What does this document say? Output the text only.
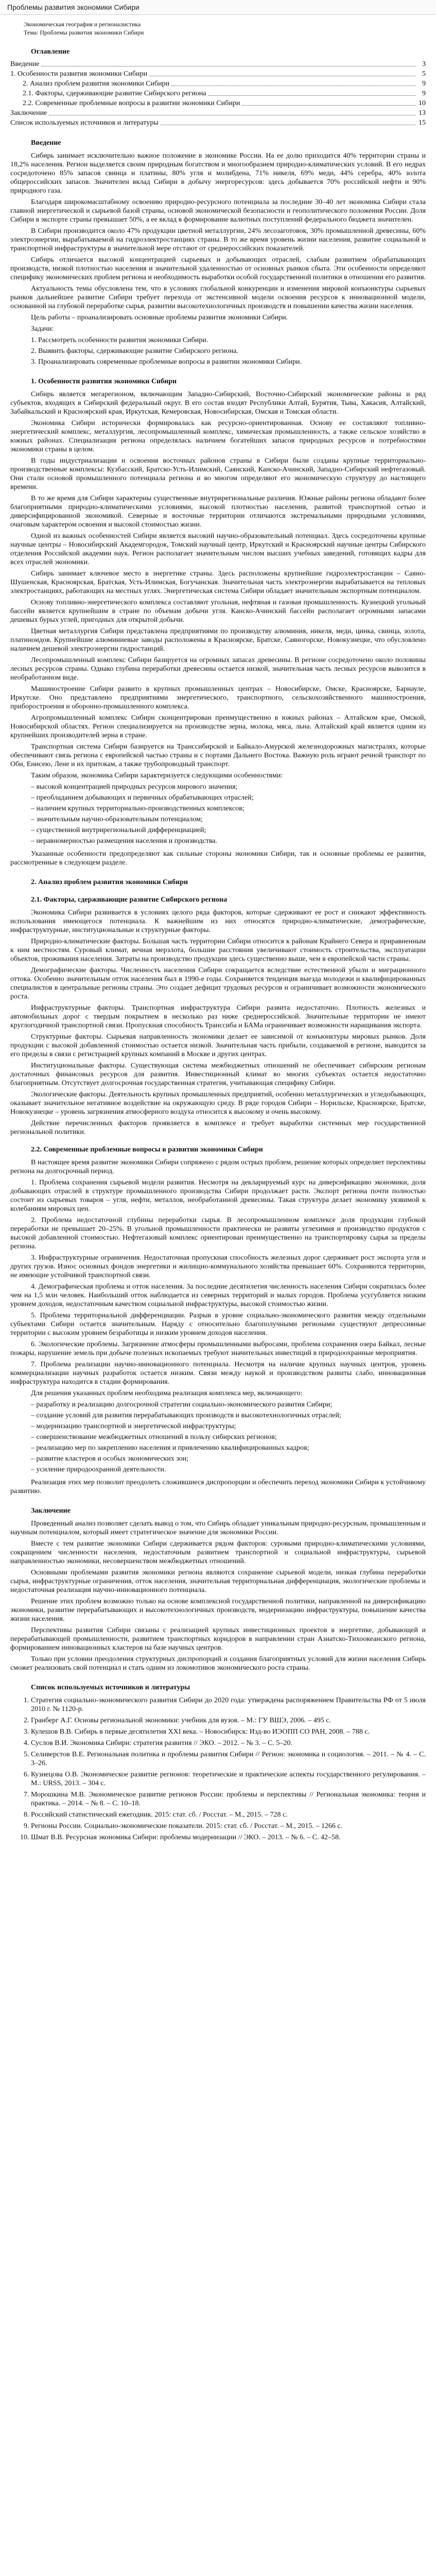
Проблемы развития экономики Сибири
Экономическая география и регионалистика
Тема: Проблемы развития экономики Сибири
Оглавление
Введение	3
1. Особенности развития экономики Сибири	5
2. Анализ проблем развития экономики Сибири	9
2.1. Факторы, сдерживающие развитие Сибирского региона	9
2.2. Современные проблемные вопросы в развитии экономики Сибири	10
Заключение	13
Список используемых источников и литературы	15
Введение

Сибирь занимает исключительно важное положение в экономике России. На ее долю приходится 40% территории страны и 18,2% населения. Регион выделяется своим природным богатством и многообразием природно-климатических условий. В его недрах сосредоточено 85% запасов свинца и платины, 80% угля и молибдена, 71% никеля, 69% меди, 44% серебра, 40% золота общероссийских запасов. Значителен вклад Сибири в добычу энергоресурсов: здесь добывается 70% российской нефти и 90% природного газа.

Благодаря широкомасштабному освоению природно-ресурсного потенциала за последние 30–40 лет экономика Сибири стала главной энергетической и сырьевой базой страны, основой экономической безопасности и геополитического положения России. Доля Сибири в экспорте страны превышает 50%, а ее вклад в формирование валютных поступлений федерального бюджета значителен.

В Сибири производится около 47% продукции цветной металлургии, 24% лесозаготовок, 30% промышленной древесины, 60% электроэнергии, вырабатываемой на гидроэлектростанциях страны. В то же время уровень жизни населения, развитие социальной и транспортной инфраструктуры в значительной мере отстают от среднероссийских показателей.

Сибирь отличается высокой концентрацией сырьевых и добывающих отраслей, слабым развитием обрабатывающих производств, низкой плотностью населения и значительной удаленностью от основных рынков сбыта. Эти особенности определяют специфику экономических проблем региона и необходимость выработки особой государственной политики в отношении его развития.

Актуальность темы обусловлена тем, что в условиях глобальной конкуренции и изменения мировой конъюнктуры сырьевых рынков дальнейшее развитие Сибири требует перехода от экстенсивной модели освоения ресурсов к инновационной модели, основанной на глубокой переработке сырья, развитии высокотехнологичных производств и повышении качества жизни населения.

Цель работы – проанализировать основные проблемы развития экономики Сибири.

Задачи:

1. Рассмотреть особенности развития экономики Сибири.
2. Выявить факторы, сдерживающие развитие Сибирского региона.
3. Проанализировать современные проблемные вопросы в развитии экономики Сибири.
1. Особенности развития экономики Сибири

Сибирь является мегарегионом, включающим Западно-Сибирский, Восточно-Сибирский экономические районы и ряд субъектов, входящих в Сибирский федеральный округ. В его состав входят Республики Алтай, Бурятия, Тыва, Хакасия, Алтайский, Забайкальский и Красноярский края, Иркутская, Кемеровская, Новосибирская, Омская и Томская области.

Экономика Сибири исторически формировалась как ресурсно-ориентированная. Основу ее составляют топливно-энергетический комплекс, металлургия, лесопромышленный комплекс, химическая промышленность, а также сельское хозяйство в южных районах. Специализация региона определялась наличием богатейших запасов природных ресурсов и потребностями экономики страны в целом.

В годы индустриализации и освоения восточных районов страны в Сибири были созданы крупные территориально-производственные комплексы: Кузбасский, Братско-Усть-Илимский, Саянский, Канско-Ачинский, Западно-Сибирский нефтегазовый. Они стали основой промышленного потенциала региона и во многом определяют его экономическую структуру до настоящего времени.

В то же время для Сибири характерны существенные внутрирегиональные различия. Южные районы региона обладают более благоприятными природно-климатическими условиями, высокой плотностью населения, развитой транспортной сетью и диверсифицированной экономикой. Северные и восточные территории отличаются экстремальными природными условиями, очаговым характером освоения и высокой стоимостью жизни.

Одной из важных особенностей Сибири является высокий научно-образовательный потенциал. Здесь сосредоточены крупные научные центры – Новосибирский Академгородок, Томский научный центр, Иркутский и Красноярский научные центры Сибирского отделения Российской академии наук. Регион располагает значительным числом высших учебных заведений, готовящих кадры для всех отраслей экономики.

Сибирь занимает ключевое место в энергетике страны. Здесь расположены крупнейшие гидроэлектростанции – Саяно-Шушенская, Красноярская, Братская, Усть-Илимская, Богучанская. Значительная часть электроэнергии вырабатывается на тепловых электростанциях, работающих на местных углях. Энергетическая система Сибири обладает значительным экспортным потенциалом.

Основу топливно-энергетического комплекса составляют угольная, нефтяная и газовая промышленность. Кузнецкий угольный бассейн является крупнейшим в стране по объемам добычи угля. Канско-Ачинский бассейн располагает огромными запасами дешевых бурых углей, пригодных для открытой добычи.

Цветная металлургия Сибири представлена предприятиями по производству алюминия, никеля, меди, цинка, свинца, золота, платиноидов. Крупнейшие алюминиевые заводы расположены в Красноярске, Братске, Саяногорске, Новокузнецке, что обусловлено наличием дешевой электроэнергии гидростанций.

Лесопромышленный комплекс Сибири базируется на огромных запасах древесины. В регионе сосредоточено около половины лесных ресурсов страны. Однако глубина переработки древесины остается низкой, значительная часть лесных ресурсов вывозится в необработанном виде.

Машиностроение Сибири развито в крупных промышленных центрах – Новосибирске, Омске, Красноярске, Барнауле, Иркутске. Оно представлено предприятиями энергетического, транспортного, сельскохозяйственного машиностроения, приборостроения и оборонно-промышленного комплекса.

Агропромышленный комплекс Сибири сконцентрирован преимущественно в южных районах – Алтайском крае, Омской, Новосибирской областях. Регион специализируется на производстве зерна, молока, мяса, льна. Алтайский край является одним из крупнейших производителей зерна в стране.

Транспортная система Сибири базируется на Транссибирской и Байкало-Амурской железнодорожных магистралях, которые обеспечивают связь региона с европейской частью страны и с портами Дальнего Востока. Важную роль играют речной транспорт по Оби, Енисею, Лене и их притокам, а также трубопроводный транспорт.

Таким образом, экономика Сибири характеризуется следующими особенностями:

– высокой концентрацией природных ресурсов мирового значения;
– преобладанием добывающих и первичных обрабатывающих отраслей;
– наличием крупных территориально-производственных комплексов;
– значительным научно-образовательным потенциалом;
– существенной внутрирегиональной дифференциацией;
– неравномерностью размещения населения и производства.

Указанные особенности предопределяют как сильные стороны экономики Сибири, так и основные проблемы ее развития, рассмотренные в следующем разделе.

2. Анализ проблем развития экономики Сибири
2.1. Факторы, сдерживающие развитие Сибирского региона

Экономика Сибири развивается в условиях целого ряда факторов, которые сдерживают ее рост и снижают эффективность использования имеющегося потенциала. К важнейшим из них относятся природно-климатические, демографические, инфраструктурные, институциональные и структурные факторы.

Природно-климатические факторы. Большая часть территории Сибири относится к районам Крайнего Севера и приравненным к ним местностям. Суровый климат, вечная мерзлота, большие расстояния увеличивают стоимость строительства, эксплуатации объектов, проживания населения. Затраты на производство продукции здесь существенно выше, чем в европейской части страны.

Демографические факторы. Численность населения Сибири сокращается вследствие естественной убыли и миграционного оттока. Особенно значительным отток населения был в 1990-е годы. Сохраняется тенденция выезда молодежи и квалифицированных специалистов в центральные регионы страны. Это создает дефицит трудовых ресурсов и ограничивает возможности экономического роста.

Инфраструктурные факторы. Транспортная инфраструктура Сибири развита недостаточно. Плотность железных и автомобильных дорог с твердым покрытием в несколько раз ниже среднероссийской. Значительные территории не имеют круглогодичной транспортной связи. Пропускная способность Транссиба и БАМа ограничивает возможности наращивания экспорта.

Структурные факторы. Сырьевая направленность экономики делает ее зависимой от конъюнктуры мировых рынков. Доля продукции с высокой добавленной стоимостью остается низкой. Значительная часть прибыли, создаваемой в регионе, выводится за его пределы в связи с регистрацией крупных компаний в Москве и других центрах.

Институциональные факторы. Существующая система межбюджетных отношений не обеспечивает сибирским регионам достаточных финансовых ресурсов для развития. Инвестиционный климат во многих субъектах остается недостаточно благоприятным. Отсутствует долгосрочная государственная стратегия, учитывающая специфику Сибири.

Экологические факторы. Деятельность крупных промышленных предприятий, особенно металлургических и угледобывающих, оказывает значительное негативное воздействие на окружающую среду. В ряде городов Сибири – Норильске, Красноярске, Братске, Новокузнецке – уровень загрязнения атмосферного воздуха относится к высокому и очень высокому.

Действие перечисленных факторов проявляется в комплексе и требует выработки системных мер государственной региональной политики.

2.2. Современные проблемные вопросы в развитии экономики Сибири

В настоящее время развитие экономики Сибири сопряжено с рядом острых проблем, решение которых определяет перспективы региона на долгосрочный период.

1. Проблема сохранения сырьевой модели развития. Несмотря на декларируемый курс на диверсификацию экономики, доля добывающих отраслей в структуре промышленного производства Сибири продолжает расти. Экспорт региона почти полностью состоит из сырьевых товаров – угля, нефти, металлов, необработанной древесины. Такая структура делает экономику уязвимой к колебаниям мировых цен.

2. Проблема недостаточной глубины переработки сырья. В лесопромышленном комплексе доля продукции глубокой переработки не превышает 20–25%. В угольной промышленности практически не развиты углехимия и производство продуктов с высокой добавленной стоимостью. Нефтегазовый комплекс ориентирован преимущественно на транспортировку сырья за пределы региона.

3. Инфраструктурные ограничения. Недостаточная пропускная способность железных дорог сдерживает рост экспорта угля и других грузов. Износ основных фондов энергетики и жилищно-коммунального хозяйства превышает 60%. Сохраняются территории, не имеющие устойчивой транспортной связи.

4. Демографическая проблема и отток населения. За последние десятилетия численность населения Сибири сократилась более чем на 1,5 млн человек. Наибольший отток наблюдается из северных территорий и малых городов. Проблема усугубляется низким уровнем доходов, недостаточным качеством социальной инфраструктуры, высокой стоимостью жизни.

5. Проблема территориальной дифференциации. Разрыв в уровне социально-экономического развития между отдельными субъектами Сибири остается значительным. Наряду с относительно благополучными регионами существуют депрессивные территории с высоким уровнем безработицы и низким уровнем доходов населения.

6. Экологические проблемы. Загрязнение атмосферы промышленными выбросами, проблема сохранения озера Байкал, лесные пожары, нарушение земель при добыче полезных ископаемых требуют значительных инвестиций в природоохранные мероприятия.

7. Проблема реализации научно-инновационного потенциала. Несмотря на наличие крупных научных центров, уровень коммерциализации научных разработок остается низким. Связи между наукой и производством развиты слабо, инновационная инфраструктура находится в стадии формирования.

Для решения указанных проблем необходима реализация комплекса мер, включающего:

– разработку и реализацию долгосрочной стратегии социально-экономического развития Сибири;
– создание условий для развития перерабатывающих производств и высокотехнологичных отраслей;
– модернизацию транспортной и энергетической инфраструктуры;
– совершенствование межбюджетных отношений в пользу сибирских регионов;
– реализацию мер по закреплению населения и привлечению квалифицированных кадров;
– развитие кластеров и особых экономических зон;
– усиление природоохранной деятельности.

Реализация этих мер позволит преодолеть сложившиеся диспропорции и обеспечить переход экономики Сибири к устойчивому развитию.

Заключение

Проведенный анализ позволяет сделать вывод о том, что Сибирь обладает уникальным природно-ресурсным, промышленным и научным потенциалом, который имеет стратегическое значение для экономики России.

Вместе с тем развитие экономики Сибири сдерживается рядом факторов: суровыми природно-климатическими условиями, сокращением численности населения, недостаточным развитием транспортной и социальной инфраструктуры, сырьевой направленностью экономики, несовершенством межбюджетных отношений.

Основными проблемами развития экономики региона являются сохранение сырьевой модели, низкая глубина переработки сырья, инфраструктурные ограничения, отток населения, значительная территориальная дифференциация, экологические проблемы и недостаточная реализация научно-инновационного потенциала.

Решение этих проблем возможно только на основе комплексной государственной политики, направленной на диверсификацию экономики, развитие перерабатывающих и высокотехнологичных производств, модернизацию инфраструктуры, повышение качества жизни населения.

Перспективы развития Сибири связаны с реализацией крупных инвестиционных проектов в энергетике, добывающей и перерабатывающей промышленности, развитием транспортных коридоров в направлении стран Азиатско-Тихоокеанского региона, формированием инновационных кластеров на базе научных центров.

Только при условии преодоления структурных диспропорций и создания благоприятных условий для жизни населения Сибирь сможет реализовать свой потенциал и стать одним из локомотивов экономического роста страны.

Список используемых источников и литературы
1. Стратегия социально-экономического развития Сибири до 2020 года: утверждена распоряжением Правительства РФ от 5 июля 2010 г. № 1120-р.
2. Гранберг А.Г. Основы региональной экономики: учебник для вузов. – М.: ГУ ВШЭ, 2006. – 495 с.
3. Кулешов В.В. Сибирь в первые десятилетия XXI века. – Новосибирск: Изд-во ИЭОПП СО РАН, 2008. – 788 с.
4. Суслов В.И. Экономика Сибири: стратегия развития // ЭКО. – 2012. – № 3. – С. 5–20.
5. Селиверстов В.Е. Региональная политика и проблемы развития Сибири // Регион: экономика и социология. – 2011. – № 4. – С. 3–26.
6. Кузнецова О.В. Экономическое развитие регионов: теоретические и практические аспекты государственного регулирования. – М.: URSS, 2013. – 304 с.
7. Морошкина М.В. Экономическое развитие регионов России: проблемы и перспективы // Региональная экономика: теория и практика. – 2014. – № 8. – С. 10–18.
8. Российский статистический ежегодник. 2015: стат. сб. / Росстат. – М., 2015. – 728 с.
9. Регионы России. Социально-экономические показатели. 2015: стат. сб. / Росстат. – М., 2015. – 1266 с.
10. Шмат В.В. Ресурсная экономика Сибири: проблемы модернизации // ЭКО. – 2013. – № 6. – С. 42–58.
